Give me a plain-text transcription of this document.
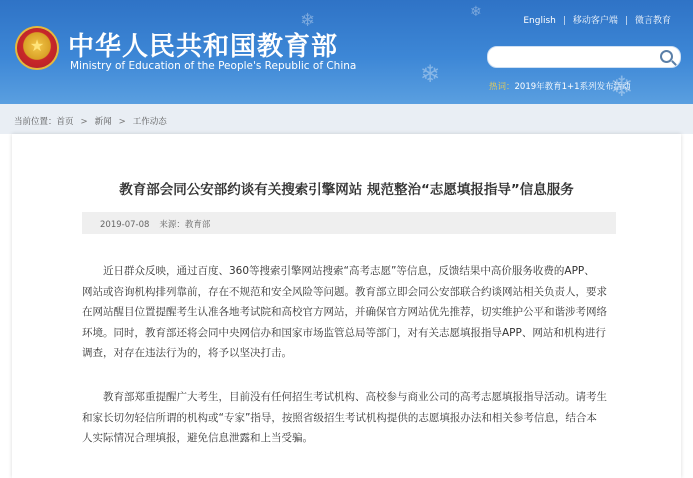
❄
❄	❄
❄
★ 中华人民共和国教育部
Ministry of Education of the People's Republic of China
English | 移动客户端 | 微言教育
热词：2019年教育1+1系列发布活动
当前位置：首页 > 新闻 > 工作动态
教育部会同公安部约谈有关搜索引擎网站 规范整治“志愿填报指导”信息服务
2019-07-08 来源：教育部
近日群众反映，通过百度、360等搜索引擎网站搜索“高考志愿”等信息，反馈结果中高价服务收费的APP、
网站或咨询机构排列靠前，存在不规范和安全风险等问题。教育部立即会同公安部联合约谈网站相关负责人，要求
在网站醒目位置提醒考生认准各地考试院和高校官方网站，并确保官方网站优先推荐，切实维护公平和谐涉考网络
环境。同时，教育部还将会同中央网信办和国家市场监管总局等部门，对有关志愿填报指导APP、网站和机构进行
调查，对存在违法行为的，将予以坚决打击。
教育部郑重提醒广大考生，目前没有任何招生考试机构、高校参与商业公司的高考志愿填报指导活动。请考生
和家长切勿轻信所谓的机构或“专家”指导，按照省级招生考试机构提供的志愿填报办法和相关参考信息，结合本
人实际情况合理填报，避免信息泄露和上当受骗。
